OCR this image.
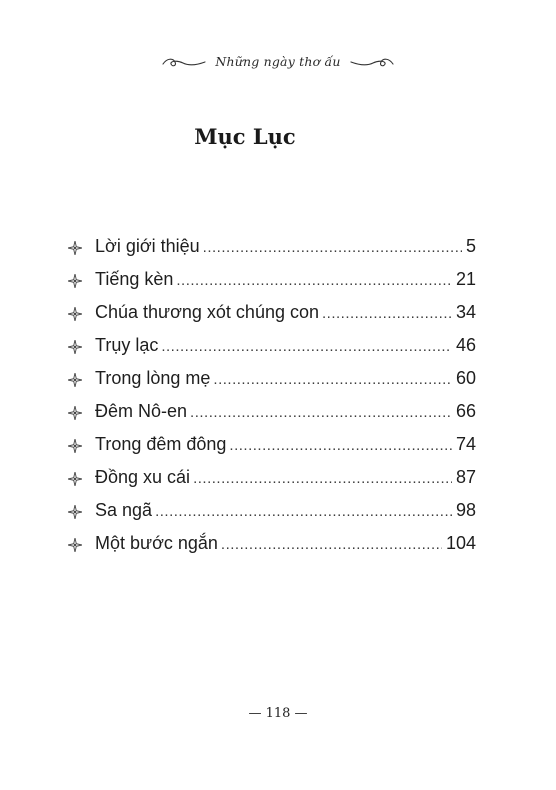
Những ngày thơ ấu
Mục Lục
Lời giới thiệu .....	5
Tiếng kèn .....	21
Chúa thương xót chúng con .....	34
Trụy lạc .....	46
Trong lòng mẹ .....	60
Đêm Nô-en .....	66
Trong đêm đông .....	74
Đồng xu cái .....	87
Sa ngã .....	98
Một bước ngắn .....	104
— 118 —
